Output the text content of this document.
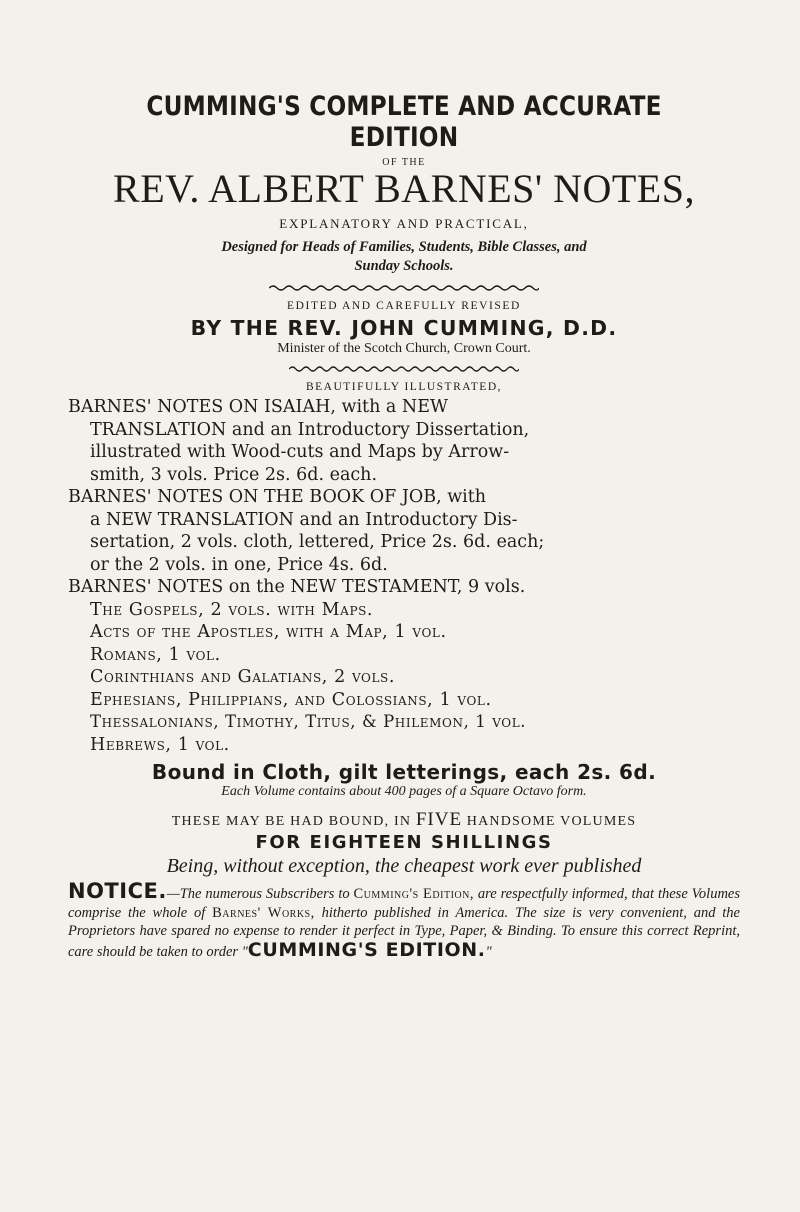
CUMMING'S COMPLETE AND ACCURATE EDITION
OF THE
REV. ALBERT BARNES' NOTES,
EXPLANATORY AND PRACTICAL,
Designed for Heads of Families, Students, Bible Classes, and
Sunday Schools.
EDITED AND CAREFULLY REVISED
BY THE REV. JOHN CUMMING, D.D.
Minister of the Scotch Church, Crown Court.
BEAUTIFULLY ILLUSTRATED,
BARNES' NOTES ON ISAIAH, with a NEW
TRANSLATION and an Introductory Dissertation,
illustrated with Wood-cuts and Maps by Arrow-
smith, 3 vols. Price 2s. 6d. each.
BARNES' NOTES ON THE BOOK OF JOB, with
a NEW TRANSLATION and an Introductory Dis-
sertation, 2 vols. cloth, lettered, Price 2s. 6d. each;
or the 2 vols. in one, Price 4s. 6d.
BARNES' NOTES on the NEW TESTAMENT, 9 vols.
The Gospels, 2 vols. with Maps.
Acts of the Apostles, with a Map, 1 vol.
Romans, 1 vol.
Corinthians and Galatians, 2 vols.
Ephesians, Philippians, and Colossians, 1 vol.
Thessalonians, Timothy, Titus, & Philemon, 1 vol.
Hebrews, 1 vol.
Bound in Cloth, gilt letterings, each 2s. 6d.
Each Volume contains about 400 pages of a Square Octavo form.
THESE MAY BE HAD BOUND, IN FIVE HANDSOME VOLUMES
FOR EIGHTEEN SHILLINGS
Being, without exception, the cheapest work ever published
NOTICE.—The numerous Subscribers to Cumming's Edition, are respectfully informed, that these Volumes comprise the whole of Barnes' Works, hitherto published in America. The size is very convenient, and the Proprietors have spared no expense to render it perfect in Type, Paper, & Binding. To ensure this correct Reprint, care should be taken to order "CUMMING'S EDITION."
